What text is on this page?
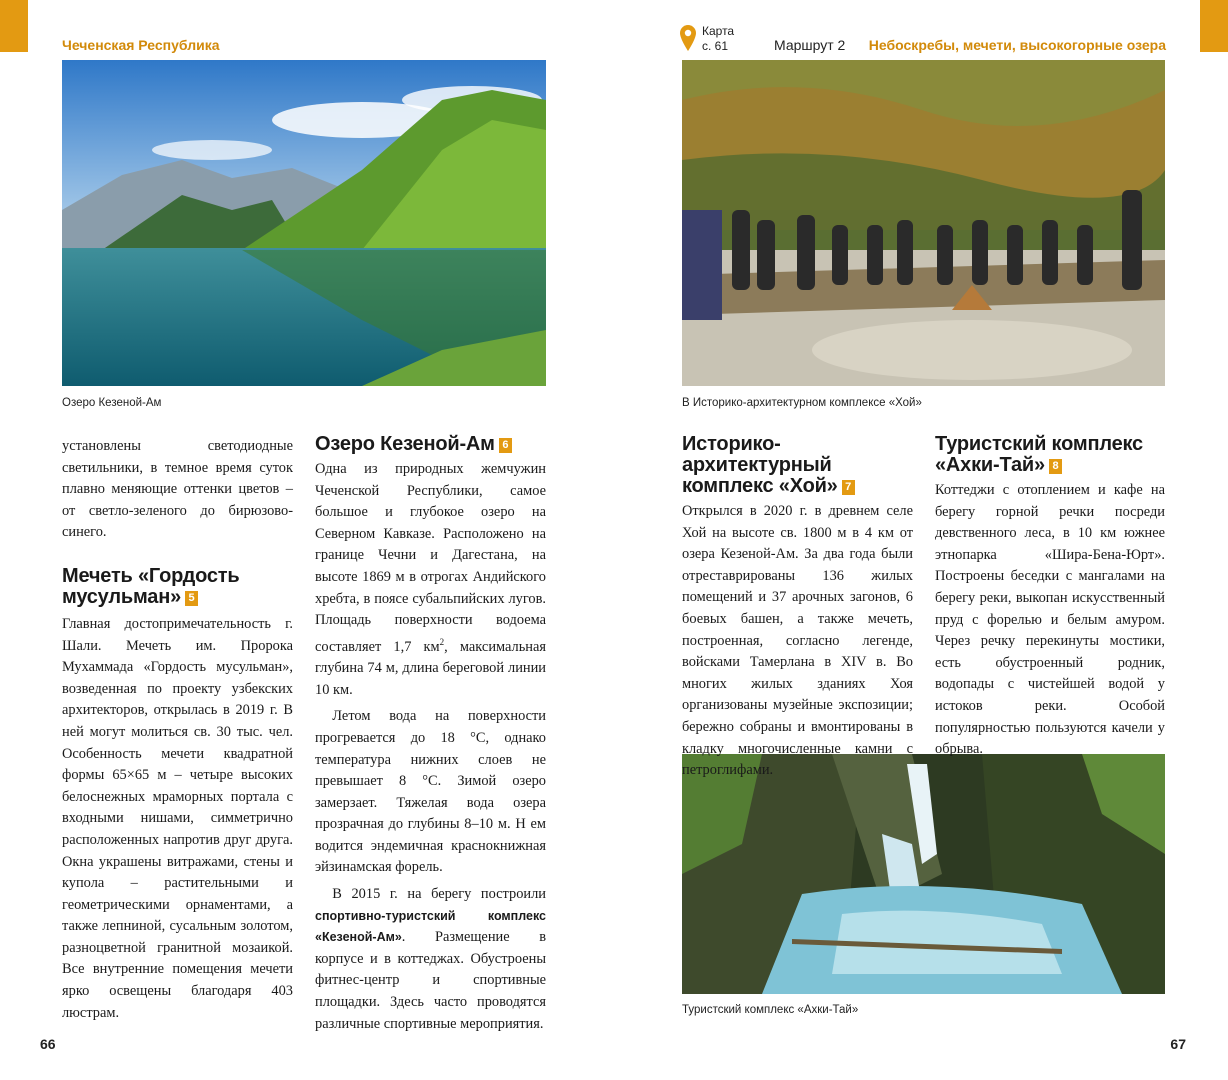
Чеченская Республика
Карта
с. 61	Маршрут 2 Небоскребы, мечети, высокогорные озера
Озеро Кезеной-Ам	В Историко-архитектурном комплексе «Хой»
Туристский комплекс «Ахки-Тай»

установлены светодиодные светильники, в темное время суток плавно меняющие оттенки цветов – от светло-зеленого до бирюзово-синего.

Мечеть «Гордость мусульман» 5

Главная достопримечательность г. Шали. Мечеть им. Пророка Мухаммада «Гордость мусульман», возведенная по проекту узбекских архитекторов, открылась в 2019 г. В ней могут молиться св. 30 тыс. чел. Особенность мечети квадратной формы 65×65 м – четыре высоких белоснежных мраморных портала с входными нишами, симметрично расположенных напротив друг друга. Окна украшены витражами, стены и купола – растительными и геометрическими орнаментами, а также лепниной, сусальным золотом, разноцветной гранитной мозаикой. Все внутренние помещения мечети ярко освещены благодаря 403 люстрам.

Озеро Кезеной-Ам 6

Одна из природных жемчужин Чеченской Республики, самое большое и глубокое озеро на Северном Кавказе. Расположено на границе Чечни и Дагестана, на высоте 1869 м в отрогах Андийского хребта, в поясе субальпийских лугов. Площадь поверхности водоема составляет 1,7 $км^2$, максимальная глубина 74 м, длина береговой линии 10 км.

Летом вода на поверхности прогревается до 18 °С, однако температура нижних слоев не превышает 8 °С. Зимой озеро замерзает. Тяжелая вода озера прозрачная до глубины 8–10 м. Н ем водится эндемичная краснокнижная эйзинамская форель.

В 2015 г. на берегу построили спортивно-туристский комплекс «Кезеной-Ам». Размещение в корпусе и в коттеджах. Обустроены фитнес-центр и спортивные площадки. Здесь часто проводятся различные спортивные мероприятия.

Историко-архитектурный комплекс «Хой» 7

Открылся в 2020 г. в древнем селе Хой на высоте св. 1800 м в 4 км от озера Кезеной-Ам. За два года были отреставрированы 136 жилых помещений и 37 арочных загонов, 6 боевых башен, а также мечеть, построенная, согласно легенде, войсками Тамерлана в XIV в. Во многих жилых зданиях Хоя организованы музейные экспозиции; бережно собраны и вмонтированы в кладку многочисленные камни с петроглифами.

Туристский комплекс «Ахки-Тай» 8

Коттеджи с отоплением и кафе на берегу горной речки посреди девственного леса, в 10 км южнее этнопарка «Шира-Бена-Юрт». Построены беседки с мангалами на берегу реки, выкопан искусственный пруд с форелью и белым амуром. Через речку перекинуты мостики, есть обустроенный родник, водопады с чистейшей водой у истоков реки. Особой популярностью пользуются качели у обрыва.

66	67
